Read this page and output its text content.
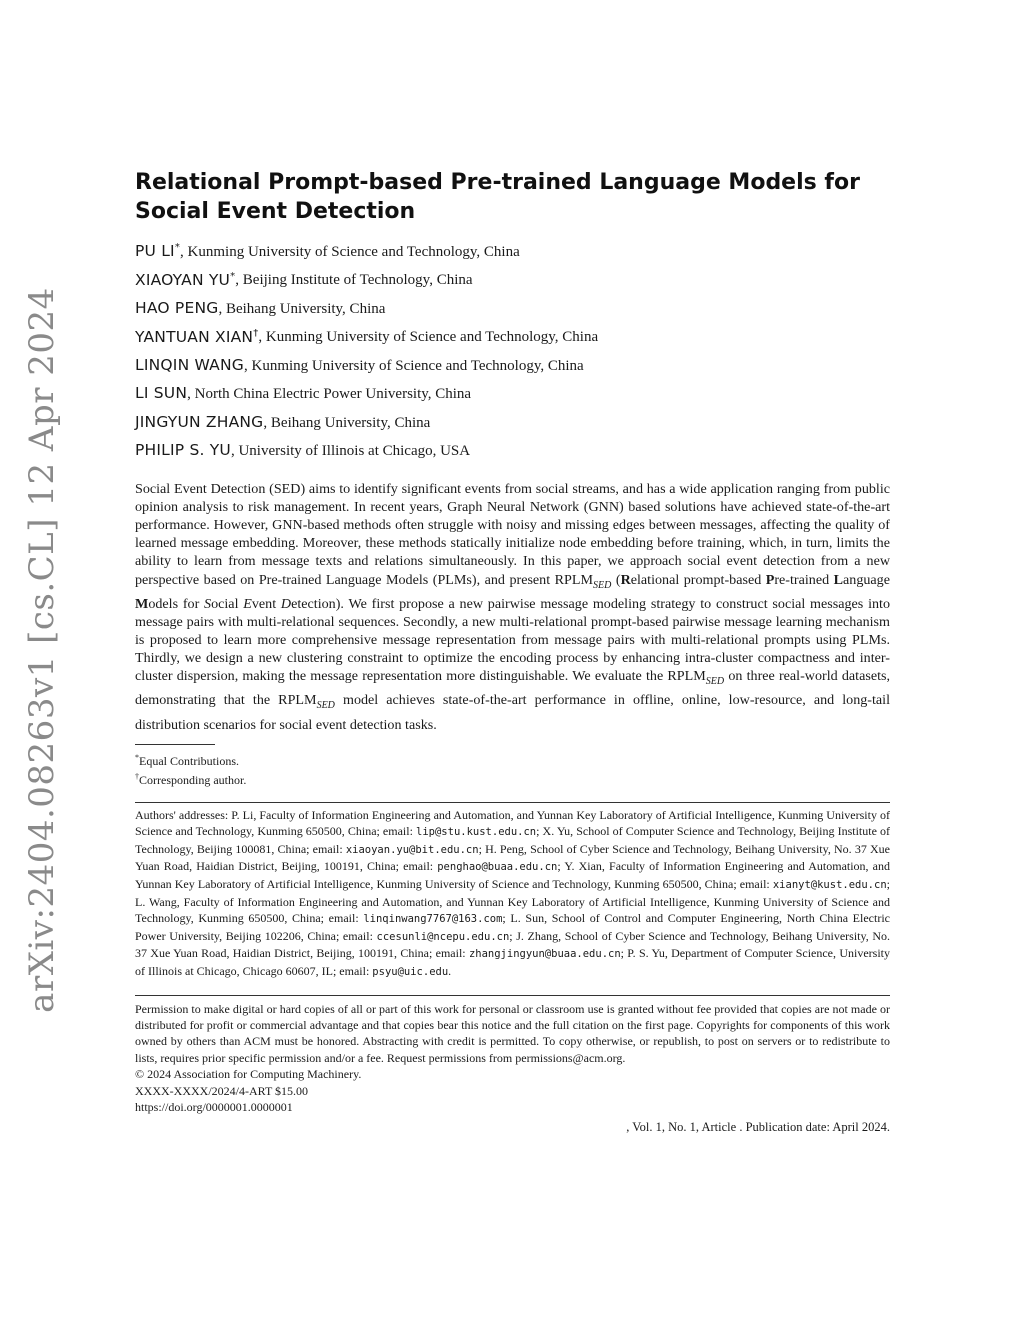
arXiv:2404.08263v1 [cs.CL] 12 Apr 2024
Relational Prompt-based Pre-trained Language Models for Social Event Detection
PU LI*, Kunming University of Science and Technology, China
XIAOYAN YU*, Beijing Institute of Technology, China
HAO PENG, Beihang University, China
YANTUAN XIAN†, Kunming University of Science and Technology, China
LINQIN WANG, Kunming University of Science and Technology, China
LI SUN, North China Electric Power University, China
JINGYUN ZHANG, Beihang University, China
PHILIP S. YU, University of Illinois at Chicago, USA

Social Event Detection (SED) aims to identify significant events from social streams, and has a wide application ranging from public opinion analysis to risk management. In recent years, Graph Neural Network (GNN) based solutions have achieved state-of-the-art performance. However, GNN-based methods often struggle with noisy and missing edges between messages, affecting the quality of learned message embedding. Moreover, these methods statically initialize node embedding before training, which, in turn, limits the ability to learn from message texts and relations simultaneously. In this paper, we approach social event detection from a new perspective based on Pre-trained Language Models (PLMs), and present $RPLM_{SED}$ (Relational prompt-based Pre-trained Language Models for Social Event Detection). We first propose a new pairwise message modeling strategy to construct social messages into message pairs with multi-relational sequences. Secondly, a new multi-relational prompt-based pairwise message learning mechanism is proposed to learn more comprehensive message representation from message pairs with multi-relational prompts using PLMs. Thirdly, we design a new clustering constraint to optimize the encoding process by enhancing intra-cluster compactness and inter-cluster dispersion, making the message representation more distinguishable. We evaluate the $RPLM_{SED}$ on three real-world datasets, demonstrating that the $RPLM_{SED}$ model achieves state-of-the-art performance in offline, online, low-resource, and long-tail distribution scenarios for social event detection tasks.

*Equal Contributions.
†Corresponding author.
Authors' addresses: P. Li, Faculty of Information Engineering and Automation, and Yunnan Key Laboratory of Artificial Intelligence, Kunming University of Science and Technology, Kunming 650500, China; email: lip@stu.kust.edu.cn; X. Yu, School of Computer Science and Technology, Beijing Institute of Technology, Beijing 100081, China; email: xiaoyan.yu@bit.edu.cn; H. Peng, School of Cyber Science and Technology, Beihang University, No. 37 Xue Yuan Road, Haidian District, Beijing, 100191, China; email: penghao@buaa.edu.cn; Y. Xian, Faculty of Information Engineering and Automation, and Yunnan Key Laboratory of Artificial Intelligence, Kunming University of Science and Technology, Kunming 650500, China; email: xianyt@kust.edu.cn; L. Wang, Faculty of Information Engineering and Automation, and Yunnan Key Laboratory of Artificial Intelligence, Kunming University of Science and Technology, Kunming 650500, China; email: linqinwang7767@163.com; L. Sun, School of Control and Computer Engineering, North China Electric Power University, Beijing 102206, China; email: ccesunli@ncepu.edu.cn; J. Zhang, School of Cyber Science and Technology, Beihang University, No. 37 Xue Yuan Road, Haidian District, Beijing, 100191, China; email: zhangjingyun@buaa.edu.cn; P. S. Yu, Department of Computer Science, University of Illinois at Chicago, Chicago 60607, IL; email: psyu@uic.edu.
Permission to make digital or hard copies of all or part of this work for personal or classroom use is granted without fee provided that copies are not made or distributed for profit or commercial advantage and that copies bear this notice and the full citation on the first page. Copyrights for components of this work owned by others than ACM must be honored. Abstracting with credit is permitted. To copy otherwise, or republish, to post on servers or to redistribute to lists, requires prior specific permission and/or a fee. Request permissions from permissions@acm.org.
© 2024 Association for Computing Machinery.
XXXX-XXXX/2024/4-ART $15.00
https://doi.org/0000001.0000001
, Vol. 1, No. 1, Article . Publication date: April 2024.
